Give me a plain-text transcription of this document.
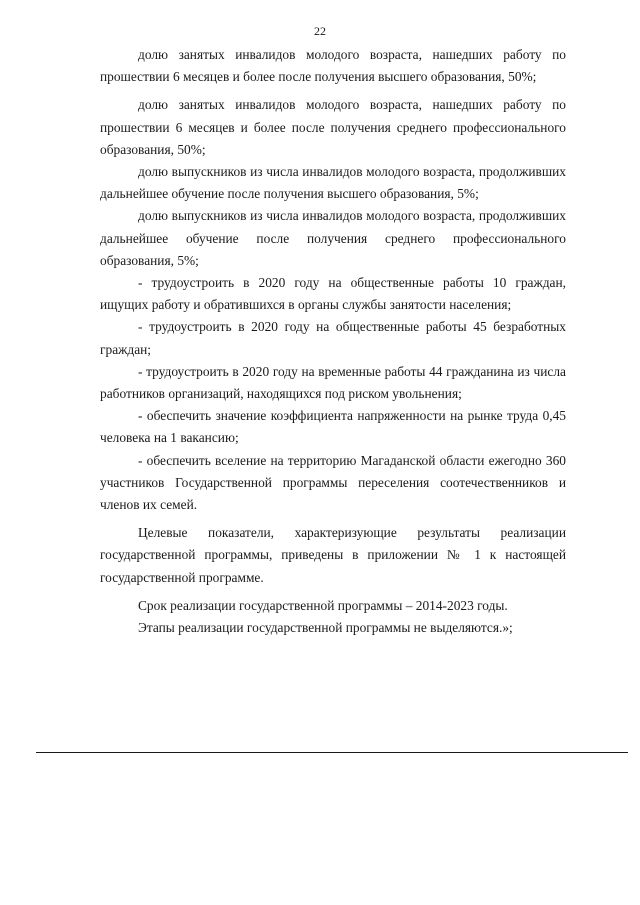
22

долю занятых инвалидов молодого возраста, нашедших работу по прошествии 6 месяцев и более после получения высшего образования, 50%;

долю занятых инвалидов молодого возраста, нашедших работу по прошествии 6 месяцев и более после получения среднего профессионального образования, 50%;

долю выпускников из числа инвалидов молодого возраста, продолживших дальнейшее обучение после получения высшего образования, 5%;

долю выпускников из числа инвалидов молодого возраста, продолживших дальнейшее обучение после получения среднего профессионального образования, 5%;

- трудоустроить в 2020 году на общественные работы 10 граждан, ищущих работу и обратившихся в органы службы занятости населения;

- трудоустроить в 2020 году на общественные работы 45 безработных граждан;

- трудоустроить в 2020 году на временные работы 44 гражданина из числа работников организаций, находящихся под риском увольнения;

- обеспечить значение коэффициента напряженности на рынке труда 0,45 человека на 1 вакансию;

- обеспечить вселение на территорию Магаданской области ежегодно 360 участников Государственной программы переселения соотечественников и членов их семей.

Целевые показатели, характеризующие результаты реализации государственной программы, приведены в приложении № 1 к настоящей государственной программе.

Срок реализации государственной программы – 2014-2023 годы.

Этапы реализации государственной программы не выделяются.»;
